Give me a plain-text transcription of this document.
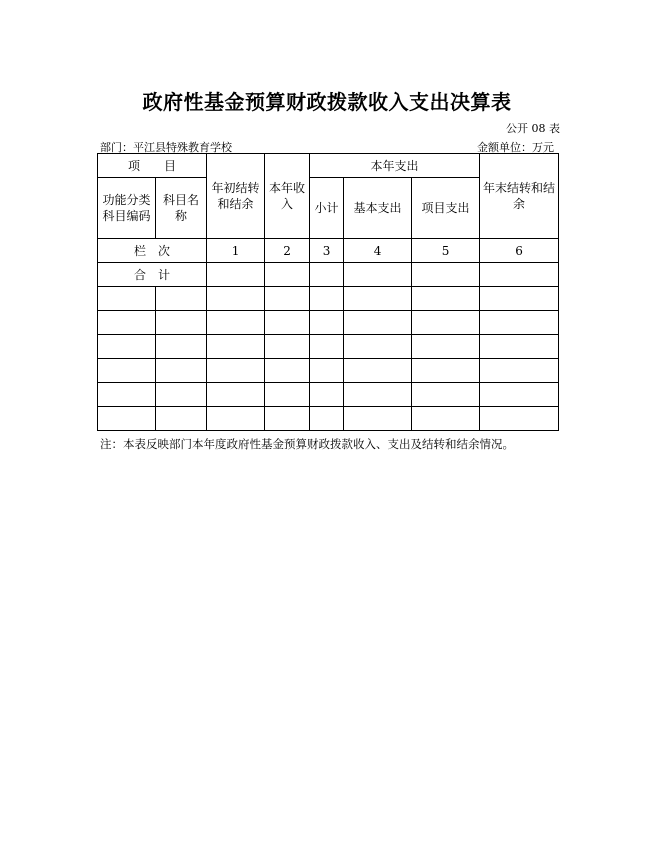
政府性基金预算财政拨款收入支出决算表
公开 08 表
部门：平江县特殊教育学校	金额单位：万元
项　　目		年初结转和结余	本年收入	本年支出			年末结转和结余
功能分类科目编码	科目名称			小计	基本支出	项目支出	

栏　次		1	2	3	4	5	6
合　计							

注：本表反映部门本年度政府性基金预算财政拨款收入、支出及结转和结余情况。
